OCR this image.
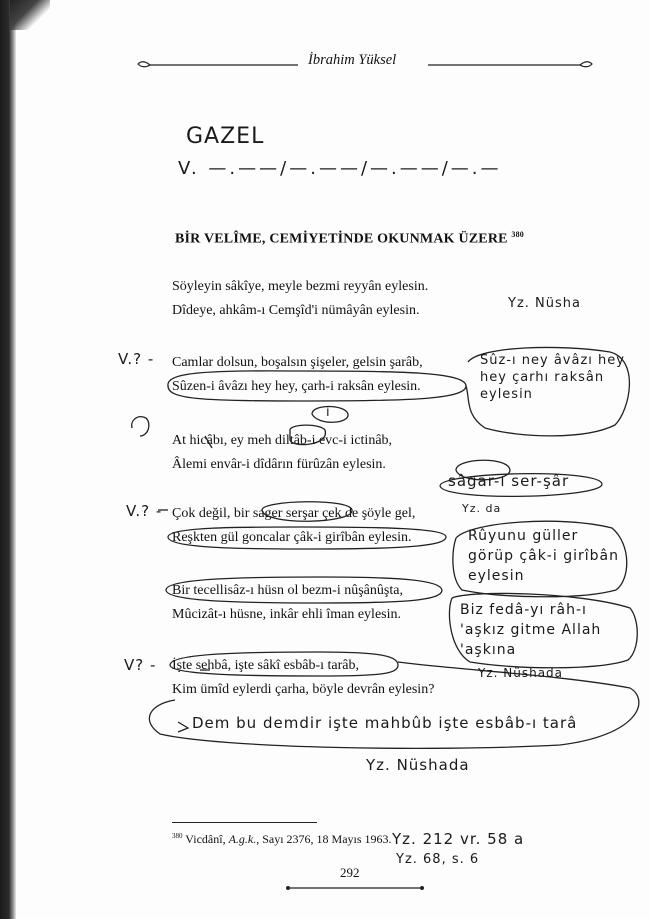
İbrahim Yüksel
GAZEL
V. —.——/—.——/—.——/—.—
BİR VELÎME, CEMİYETİNDE OKUNMAK ÜZERE $^{380}$
Söyleyin sâkîye, meyle bezmi reyyân eylesin.
Dîdeye, ahkâm-ı Cemşîd'i nümâyân eylesin.
Camlar dolsun, boşalsın şişeler, gelsin şarâb,
Sûzen-i âvâzı hey hey, çarh-i raksân eylesin.
At hicâbı, ey meh diltâb-i evc-i ictinâb,
Âlemi envâr-i dîdârın fürûzân eylesin.
Çok değil, bir sager serşar çek de şöyle gel,
Reşkten gül goncalar çâk-i girîbân eylesin.
Bir tecellisâz-ı hüsn ol bezm-i nûşânûşta,
Mûcizât-ı hüsne, inkâr ehli îman eylesin.
İşte sehbâ, işte sâkî esbâb-ı tarâb,
Kim ümîd eylerdi çarha, böyle devrân eylesin?
V.? -
V.? -
V? -
Yz. Nüsha
Sûz-ı ney âvâzı hey hey çarhı raksân eylesin
i
sâgar-ı ser-şâr
Yz. da
Rûyunu güller görüp çâk-i girîbân eylesin
Biz fedâ-yı râh-ı 'aşkız gitme Allah 'aşkına
Yz. Nüshada
Dem bu demdir işte mahbûb işte esbâb-ı tarâ
Yz. Nüshada
Yz. 212 vr. 58 a
Yz. 68, s. 6
$^{380}$ Vicdânî, A.g.k., Sayı 2376, 18 Mayıs 1963.
292
